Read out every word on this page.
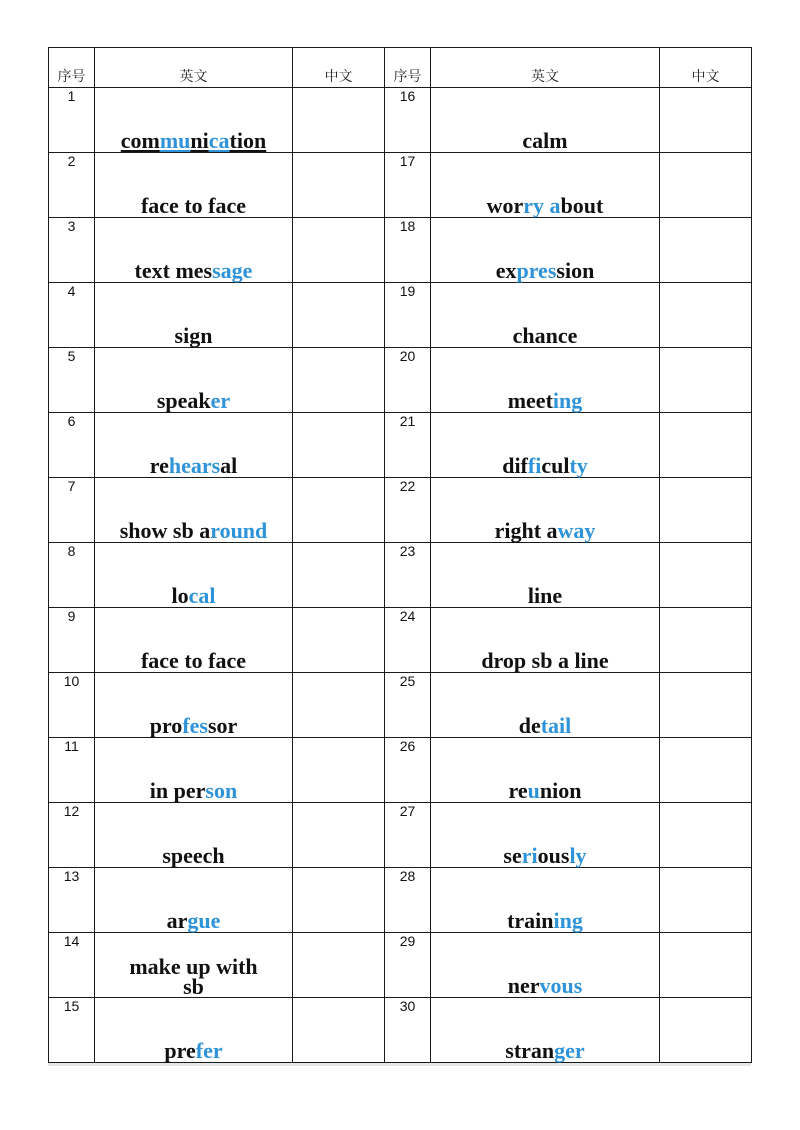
序号	英文	中文	序号	英文	中文
1	communication		16	calm	
2	face to face		17	worry about	
3	text message		18	expression	
4	sign		19	chance	
5	speaker		20	meeting	
6	rehearsal		21	difficulty	
7	show sb around		22	right away	
8	local		23	line	
9	face to face		24	drop sb a line	
10	professor		25	detail	
11	in person		26	reunion	
12	speech		27	seriously	
13	argue		28	training	
14	make up with sb		29	nervous	
15	prefer		30	stranger	
